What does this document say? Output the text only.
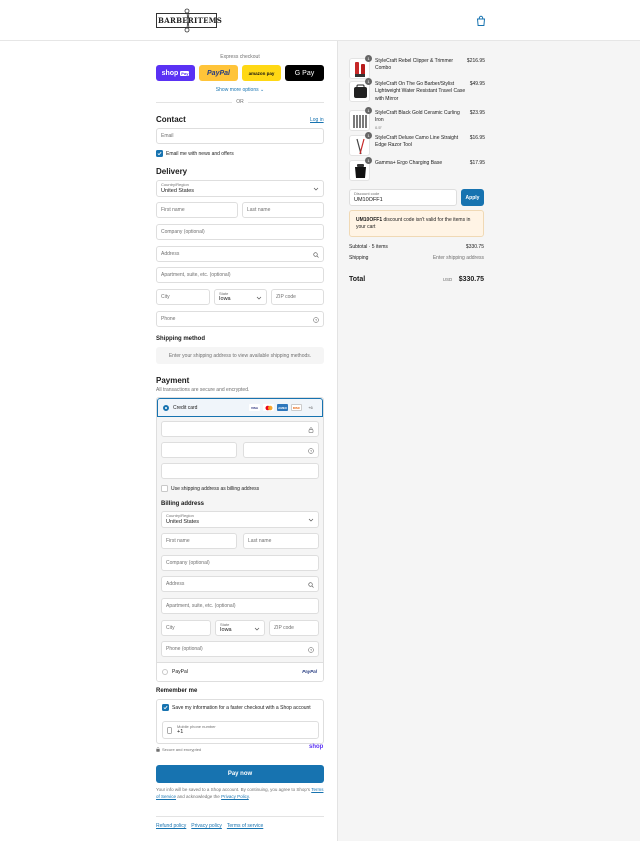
BARBER ITEMS
Express checkout
shop Pay	PayPal	amazon pay	G Pay
Show more options ⌄
OR
Contact	Log in
Email
Email me with news and offers
Delivery
Country/Region
United States
First name	Last name
Company (optional)
Address
Apartment, suite, etc. (optional)
City
State
Iowa	ZIP code
Phone	?
Shipping method
Enter your shipping address to view available shipping methods.
Payment
All transactions are secure and encrypted.
Credit card	VISA	AMEX	DISC	+6
?
Use shipping address as billing address
Billing address
Country/Region
United States
First name	Last name
Company (optional)
Address
Apartment, suite, etc. (optional)
City
State
Iowa	ZIP code
Phone (optional)	?
PayPal	PayPal
Remember me
Save my information for a faster checkout with a Shop account
Mobile phone number
+1
Secure and encrypted	shop
Pay now
Your info will be saved to a Shop account. By continuing, you agree to Shop's Terms of Service and acknowledge the Privacy Policy.
Refund policy Privacy policy Terms of service
1	StyleCraft Rebel Clipper & Trimmer Combo
$216.95
1	StyleCraft On The Go Barber/Stylist Lightweight Water Resistant Travel Case with Mirror
$49.95
1	StyleCraft Black Gold Ceramic Curling Iron
0.5"
$23.95
1	StyleCraft Deluxe Camo Line Straight Edge Razor Tool
$16.95
1	Gamma+ Ergo Charging Base	$17.95
Discount code
UM10OFF1	Apply
UM10OFF1 discount code isn't valid for the items in your cart
Subtotal · 5 items	$330.75
Shipping	Enter shipping address
Total	USD $330.75
